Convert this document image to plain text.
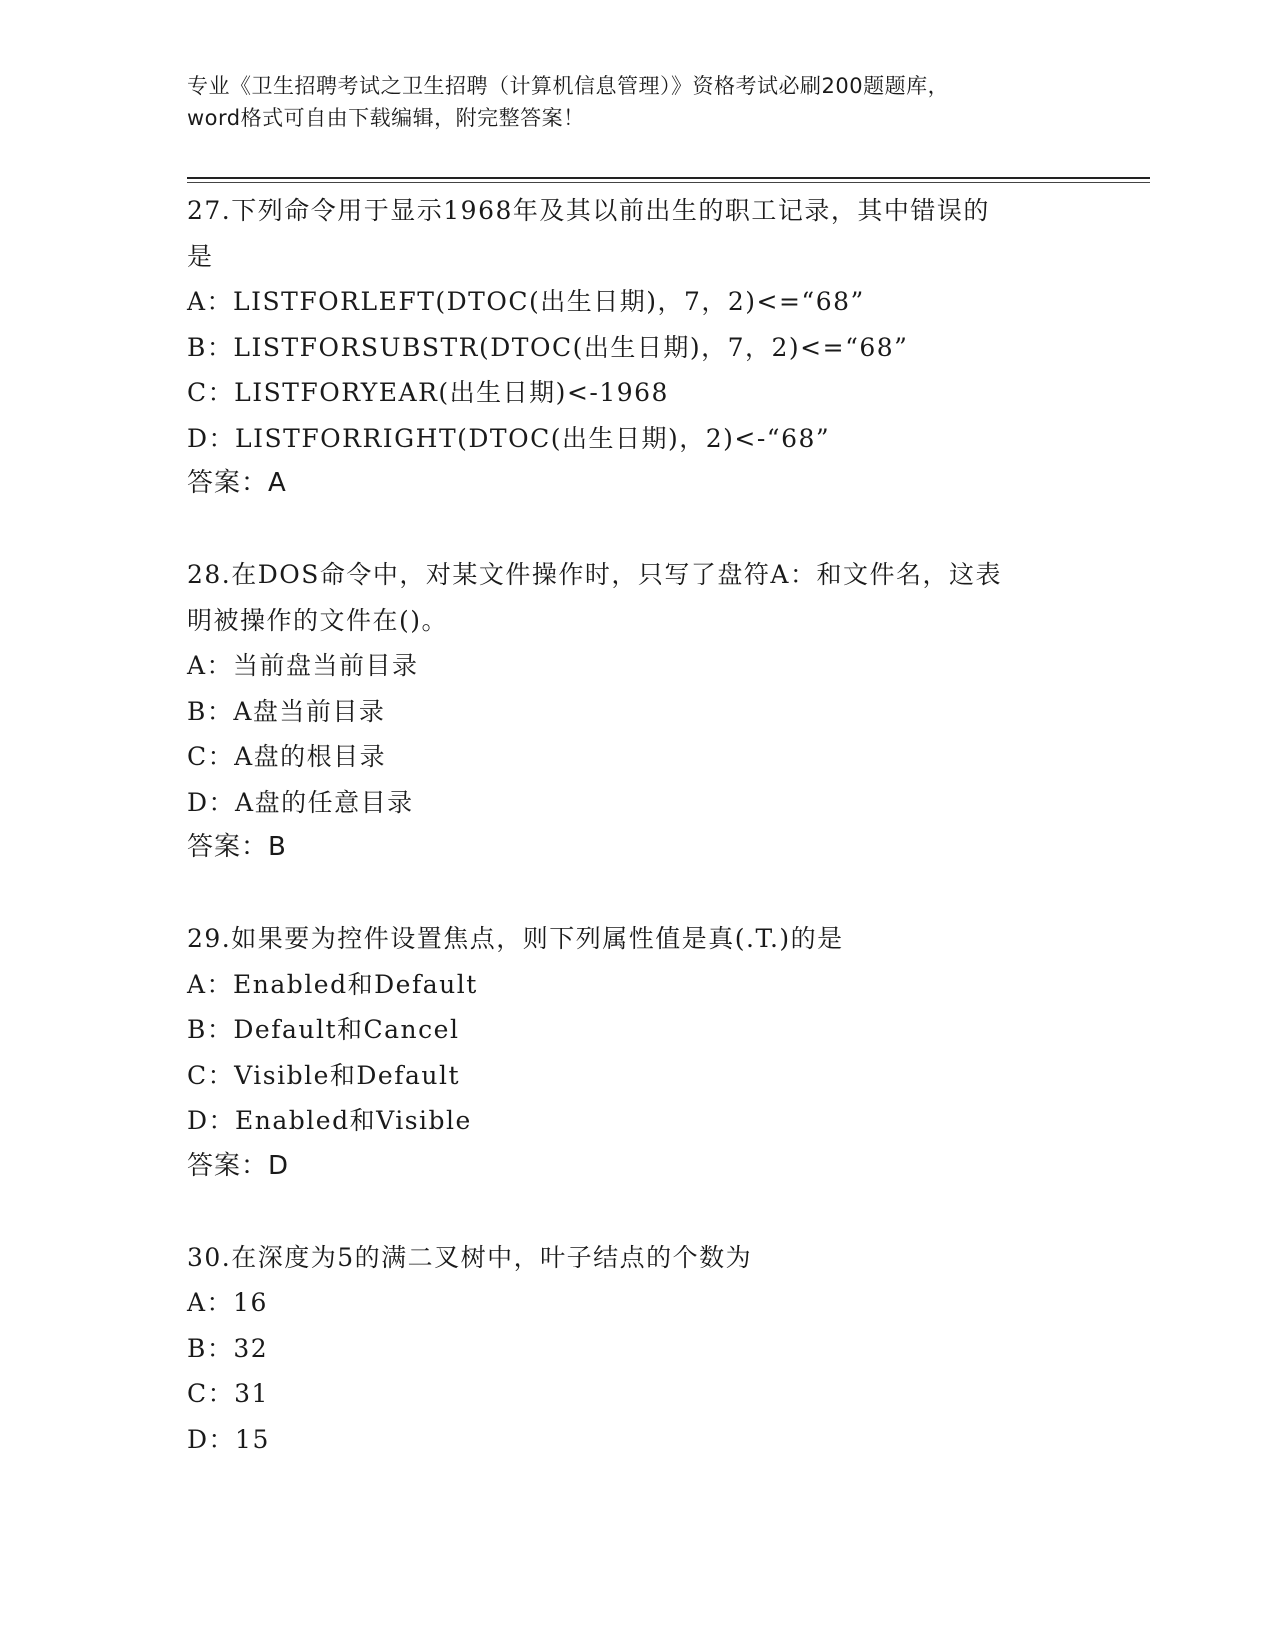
专业《卫生招聘考试之卫生招聘（计算机信息管理）》资格考试必刷200题题库，
word格式可自由下载编辑，附完整答案！
27.下列命令用于显示1968年及其以前出生的职工记录，其中错误的
是
A：LISTFORLEFT(DTOC(出生日期)，7，2)<=“68”
B：LISTFORSUBSTR(DTOC(出生日期)，7，2)<=“68”
C：LISTFORYEAR(出生日期)<-1968
D：LISTFORRIGHT(DTOC(出生日期)，2)<-“68”
答案：A
28.在DOS命令中，对某文件操作时，只写了盘符A：和文件名，这表
明被操作的文件在()。
A：当前盘当前目录
B：A盘当前目录
C：A盘的根目录
D：A盘的任意目录
答案：B
29.如果要为控件设置焦点，则下列属性值是真(.T.)的是
A：Enabled和Default
B：Default和Cancel
C：Visible和Default
D：Enabled和Visible
答案：D
30.在深度为5的满二叉树中，叶子结点的个数为
A：16
B：32
C：31
D：15
